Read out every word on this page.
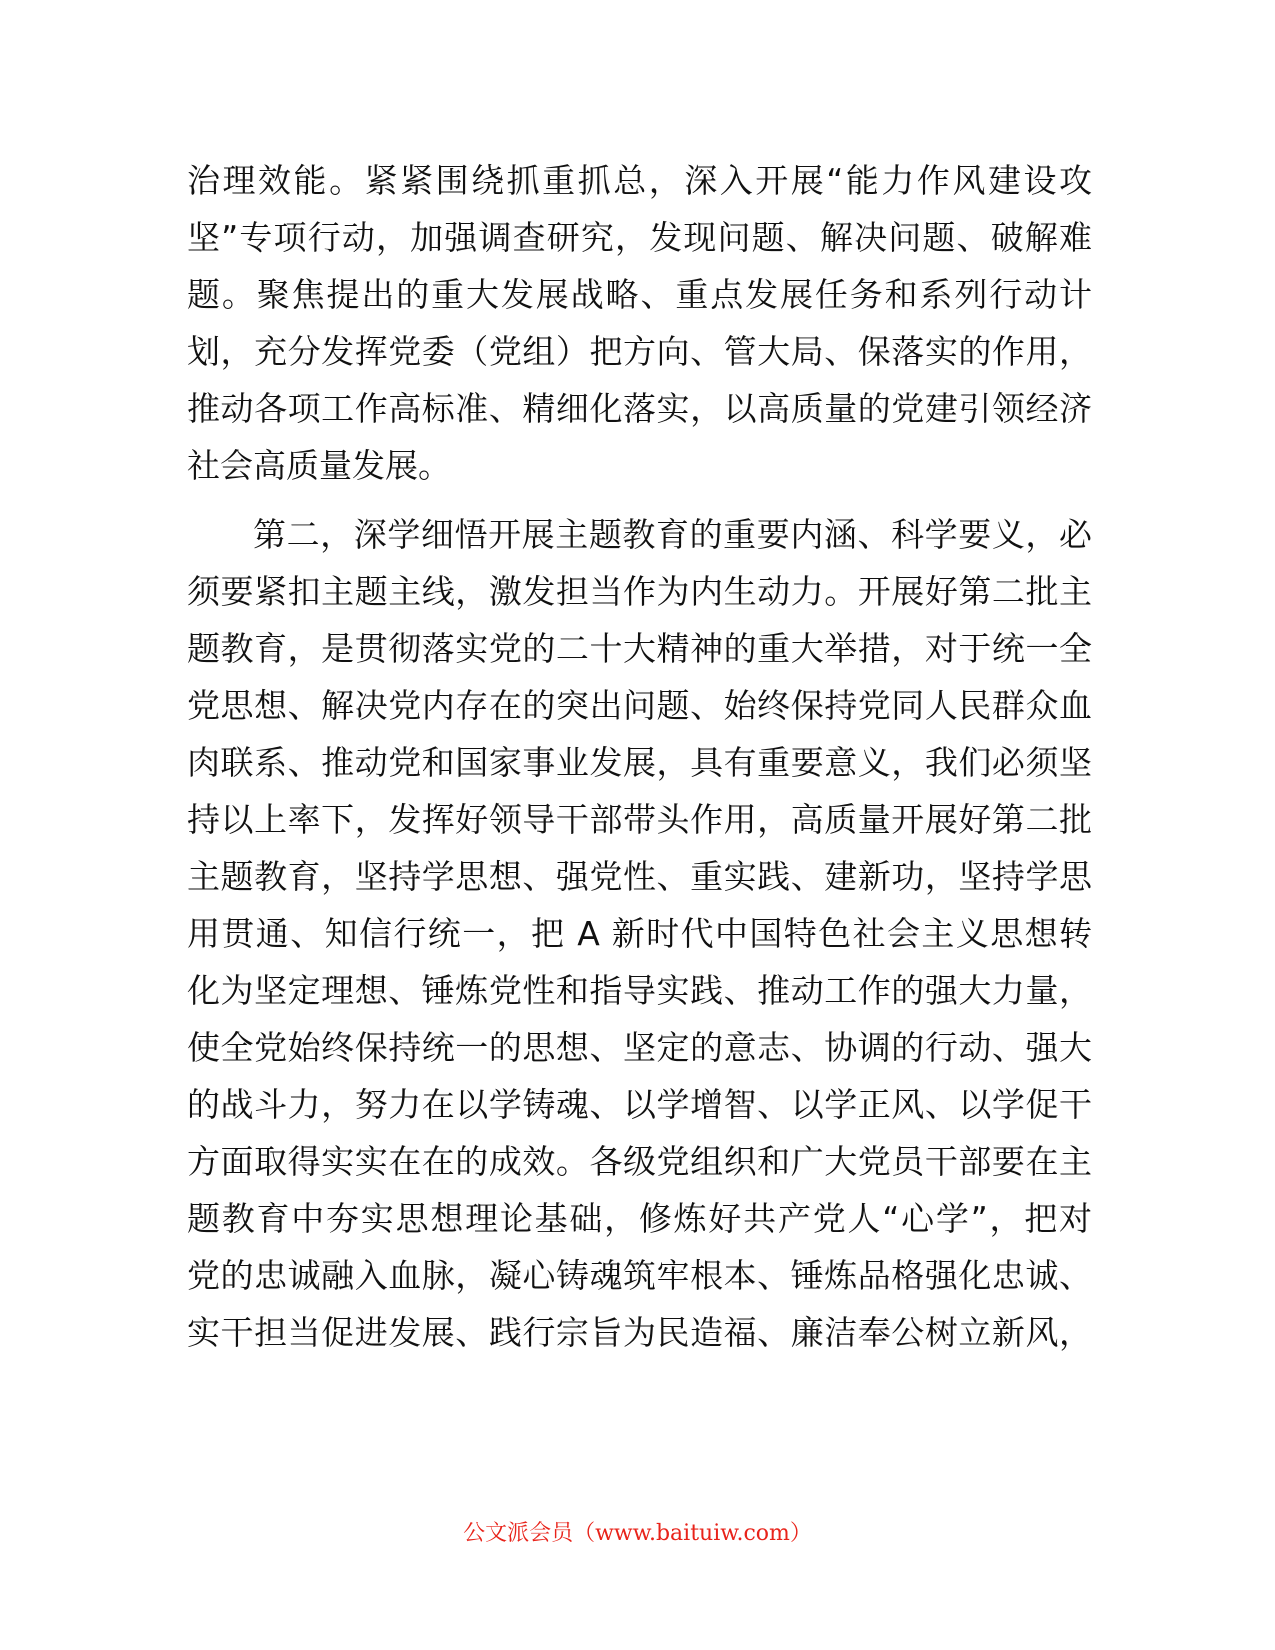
治理效能。紧紧围绕抓重抓总，深入开展“能力作风建设攻
坚”专项行动，加强调查研究，发现问题、解决问题、破解难
题。聚焦提出的重大发展战略、重点发展任务和系列行动计
划，充分发挥党委（党组）把方向、管大局、保落实的作用，
推动各项工作高标准、精细化落实，以高质量的党建引领经济
社会高质量发展。
第二，深学细悟开展主题教育的重要内涵、科学要义，必
须要紧扣主题主线，激发担当作为内生动力。开展好第二批主
题教育，是贯彻落实党的二十大精神的重大举措，对于统一全
党思想、解决党内存在的突出问题、始终保持党同人民群众血
肉联系、推动党和国家事业发展，具有重要意义，我们必须坚
持以上率下，发挥好领导干部带头作用，高质量开展好第二批
主题教育，坚持学思想、强党性、重实践、建新功，坚持学思
用贯通、知信行统一，把 A 新时代中国特色社会主义思想转
化为坚定理想、锤炼党性和指导实践、推动工作的强大力量，
使全党始终保持统一的思想、坚定的意志、协调的行动、强大
的战斗力，努力在以学铸魂、以学增智、以学正风、以学促干
方面取得实实在在的成效。各级党组织和广大党员干部要在主
题教育中夯实思想理论基础，修炼好共产党人“心学”，把对
党的忠诚融入血脉，凝心铸魂筑牢根本、锤炼品格强化忠诚、
实干担当促进发展、践行宗旨为民造福、廉洁奉公树立新风，
公文派会员（www.baituiw.com）
